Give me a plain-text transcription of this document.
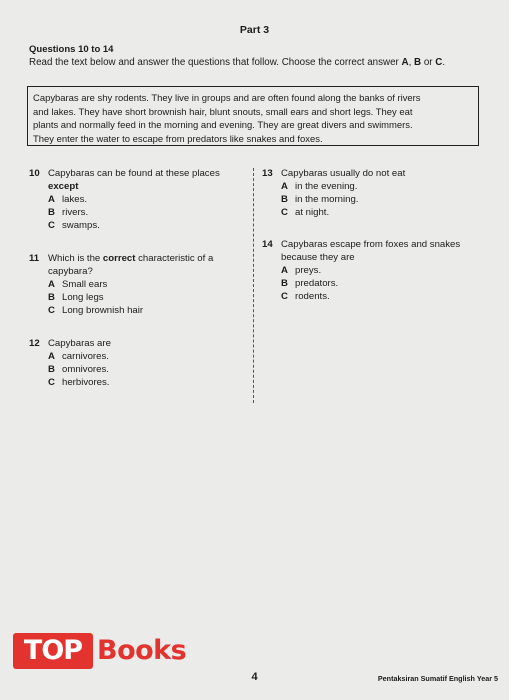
Part 3
Questions 10 to 14
Read the text below and answer the questions that follow. Choose the correct answer A, B or C.

Capybaras are shy rodents. They live in groups and are often found along the banks of rivers

and lakes. They have short brownish hair, blunt snouts, small ears and short legs. They eat

plants and normally feed in the morning and evening. They are great divers and swimmers.

They enter the water to escape from predators like snakes and foxes.

10 Capybaras can be found at these places
except
A lakes.
B rivers.
C swamps.
11 Which is the correct characteristic of a
capybara?
A Small ears
B Long legs
C Long brownish hair
12 Capybaras are
A carnivores.
B omnivores.
C herbivores.
13 Capybaras usually do not eat
A in the evening.
B in the morning.
C at night.
14 Capybaras escape from foxes and snakes
because they are
A preys.
B predators.
C rodents.
TOP Books
4	Pentaksiran Sumatif English Year 5
